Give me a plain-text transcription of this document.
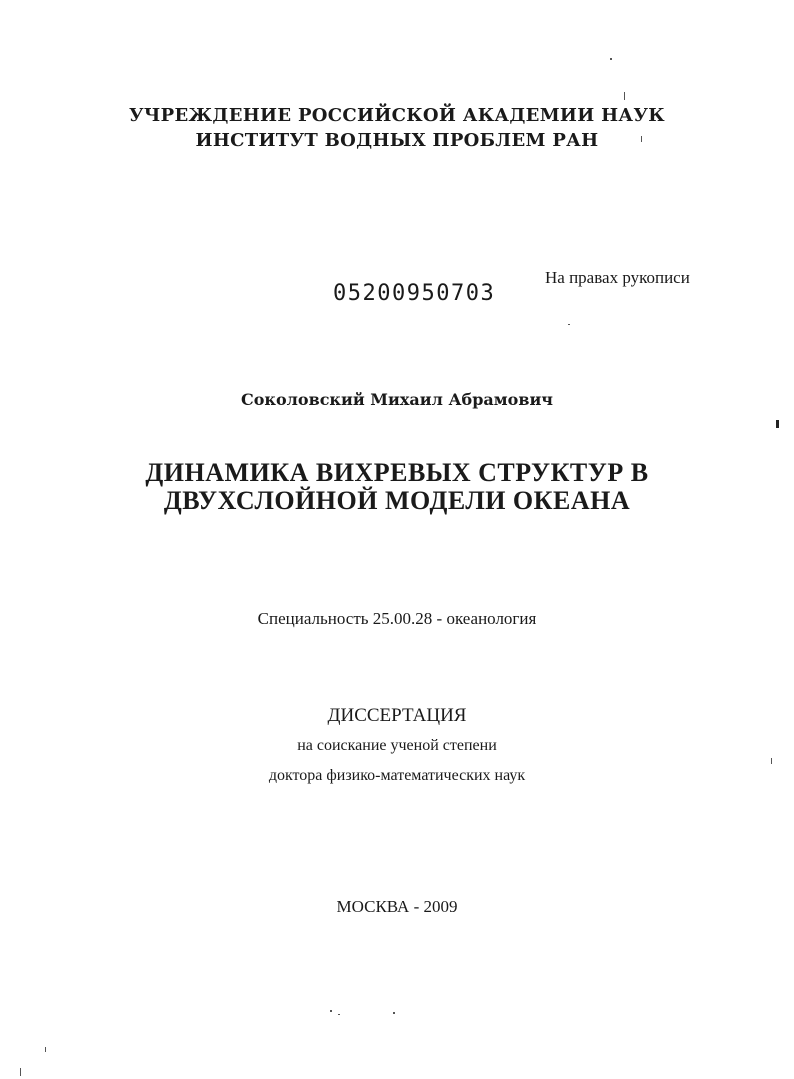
УЧРЕЖДЕНИЕ РОССИЙСКОЙ АКАДЕМИИ НАУК
ИНСТИТУТ ВОДНЫХ ПРОБЛЕМ РАН
На правах рукописи
05200950703
Соколовский Михаил Абрамович
ДИНАМИКА ВИХРЕВЫХ СТРУКТУР В
ДВУХСЛОЙНОЙ МОДЕЛИ ОКЕАНА
Специальность 25.00.28 - океанология
ДИССЕРТАЦИЯ
на соискание ученой степени
доктора физико-математических наук
МОСКВА - 2009
